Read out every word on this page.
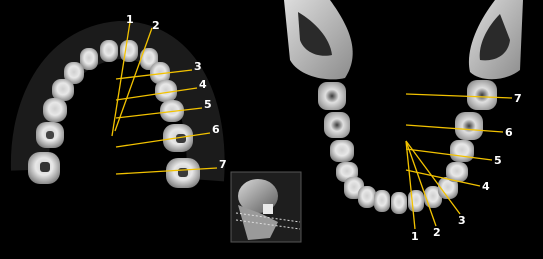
1 2
3
4
5
6
7
7
6
5
4
3
2
1
